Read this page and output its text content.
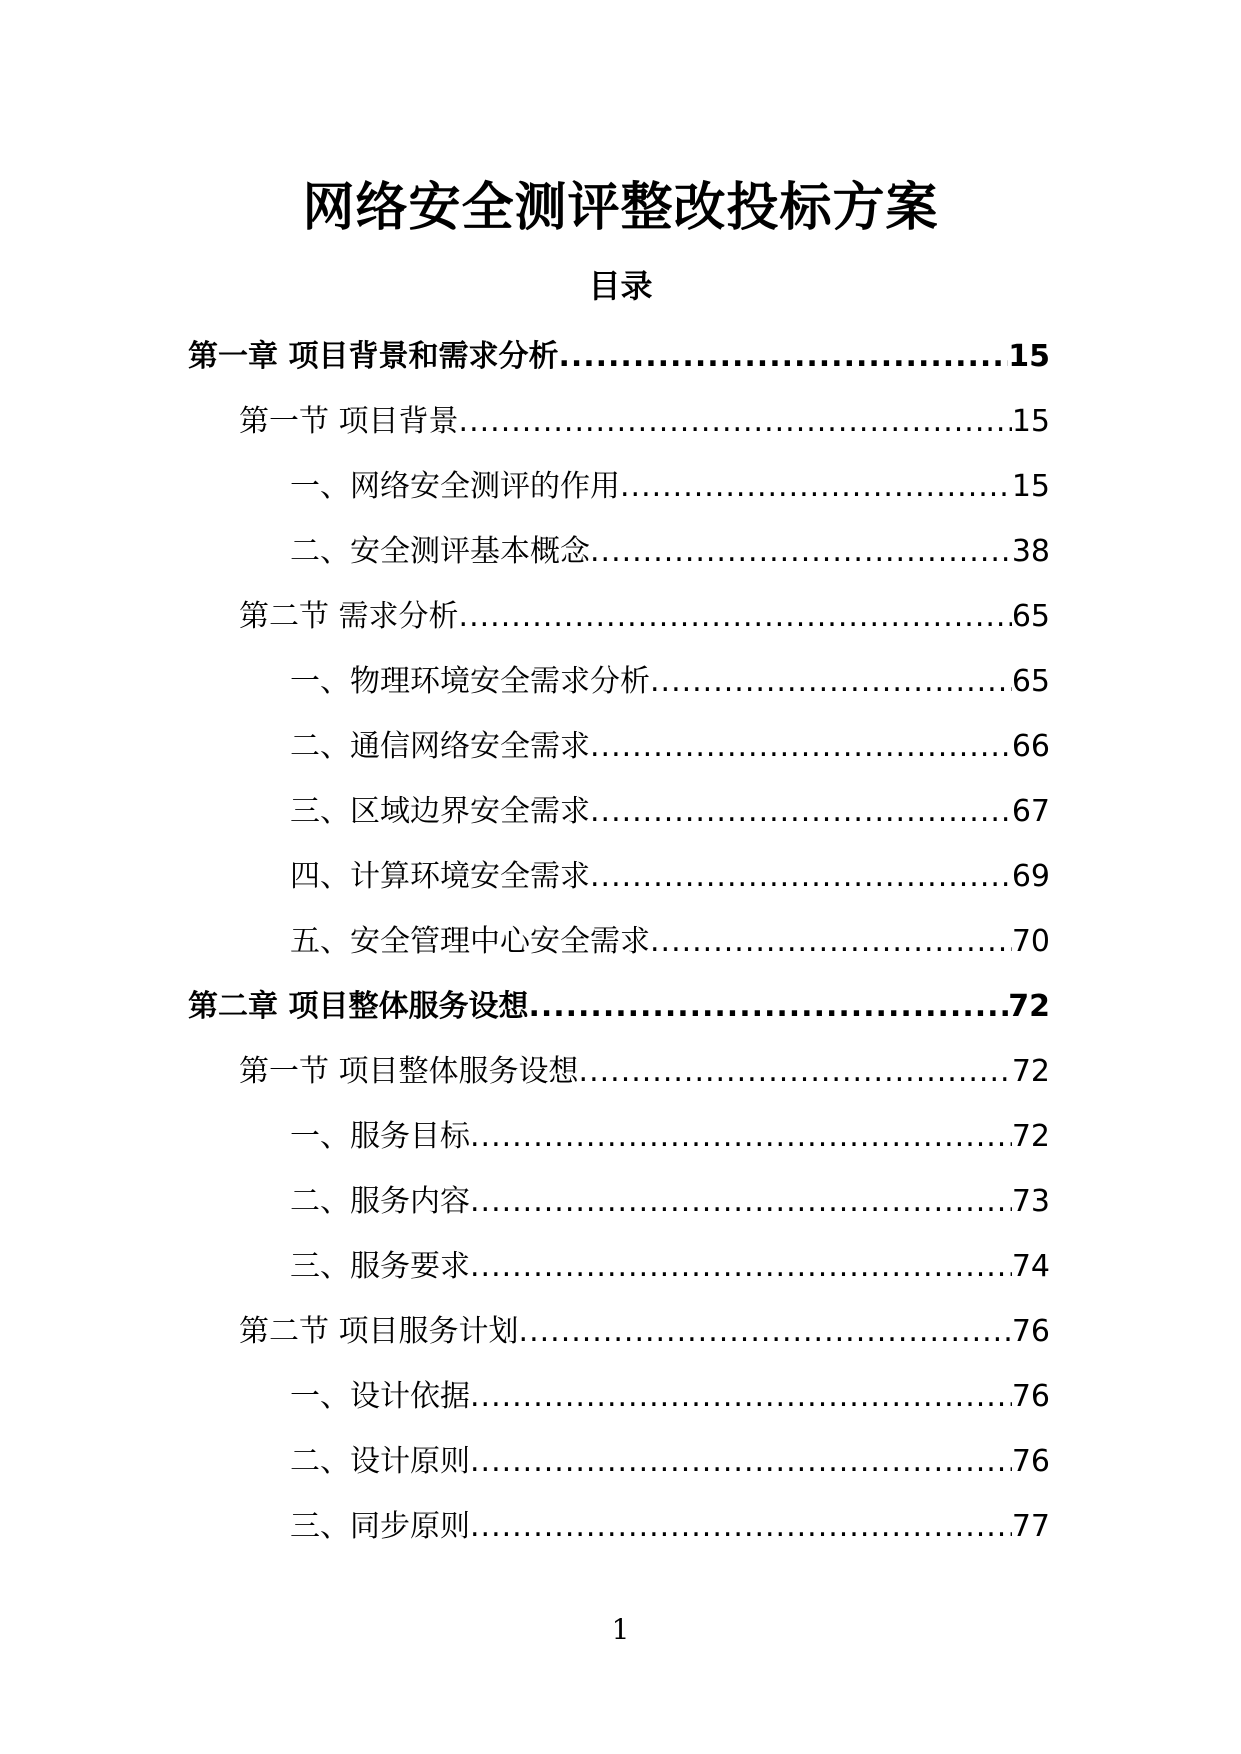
网络安全测评整改投标方案
目录
第一章 项目背景和需求分析 .....	15
第一节 项目背景 .....	15
一、网络安全测评的作用 .....	15
二、安全测评基本概念 .....	38
第二节 需求分析 .....	65
一、物理环境安全需求分析 .....	65
二、通信网络安全需求 .....	66
三、区域边界安全需求 .....	67
四、计算环境安全需求 .....	69
五、安全管理中心安全需求 .....	70
第二章 项目整体服务设想 .....	72
第一节 项目整体服务设想 .....	72
一、服务目标 .....	72
二、服务内容 .....	73
三、服务要求 .....	74
第二节 项目服务计划 .....	76
一、设计依据 .....	76
二、设计原则 .....	76
三、同步原则 .....	77
1
